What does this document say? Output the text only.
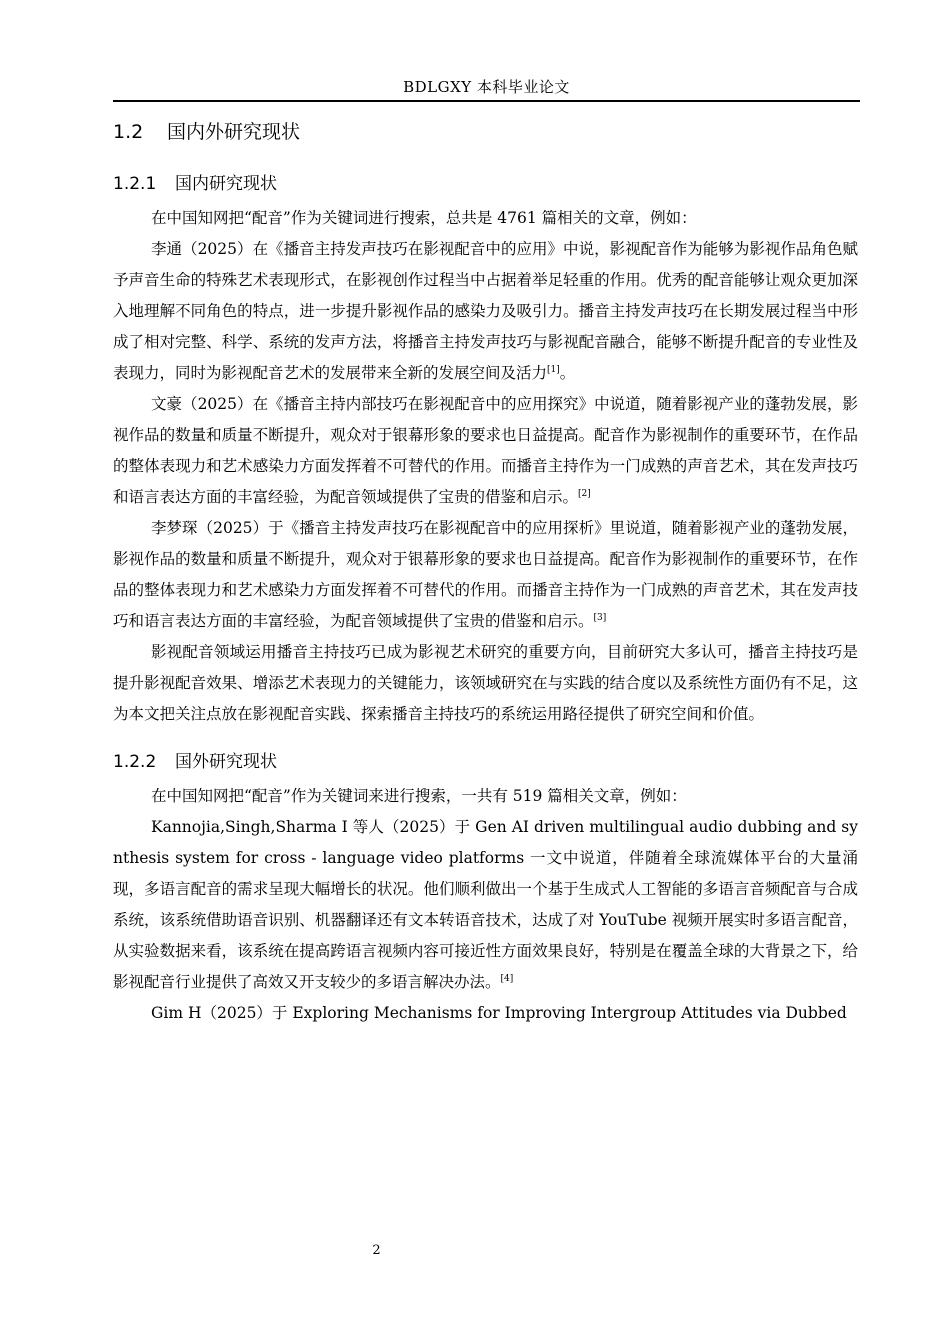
BDLGXY 本科毕业论文
1.2 国内外研究现状
1.2.1 国内研究现状

在中国知网把“配音”作为关键词进行搜索，总共是 4761 篇相关的文章，例如：

李通（2025）在《播音主持发声技巧在影视配音中的应用》中说，影视配音作为能够为影视作品角色赋予声音生命的特殊艺术表现形式，在影视创作过程当中占据着举足轻重的作用。优秀的配音能够让观众更加深入地理解不同角色的特点，进一步提升影视作品的感染力及吸引力。播音主持发声技巧在长期发展过程当中形成了相对完整、科学、系统的发声方法，将播音主持发声技巧与影视配音融合，能够不断提升配音的专业性及表现力，同时为影视配音艺术的发展带来全新的发展空间及活力[1]。

文豪（2025）在《播音主持内部技巧在影视配音中的应用探究》中说道，随着影视产业的蓬勃发展，影视作品的数量和质量不断提升，观众对于银幕形象的要求也日益提高。配音作为影视制作的重要环节，在作品的整体表现力和艺术感染力方面发挥着不可替代的作用。而播音主持作为一门成熟的声音艺术，其在发声技巧和语言表达方面的丰富经验，为配音领域提供了宝贵的借鉴和启示。[2]

李梦琛（2025）于《播音主持发声技巧在影视配音中的应用探析》里说道，随着影视产业的蓬勃发展，影视作品的数量和质量不断提升，观众对于银幕形象的要求也日益提高。配音作为影视制作的重要环节，在作品的整体表现力和艺术感染力方面发挥着不可替代的作用。而播音主持作为一门成熟的声音艺术，其在发声技巧和语言表达方面的丰富经验，为配音领域提供了宝贵的借鉴和启示。[3]

影视配音领域运用播音主持技巧已成为影视艺术研究的重要方向，目前研究大多认可，播音主持技巧是提升影视配音效果、增添艺术表现力的关键能力，该领域研究在与实践的结合度以及系统性方面仍有不足，这为本文把关注点放在影视配音实践、探索播音主持技巧的系统运用路径提供了研究空间和价值。

1.2.2 国外研究现状

在中国知网把“配音”作为关键词来进行搜索，一共有 519 篇相关文章，例如：

Kannojia,Singh,Sharma I 等人（2025）于 Gen AI driven multilingual audio dubbing and synthesis system for cross - language video platforms 一文中说道，伴随着全球流媒体平台的大量涌现，多语言配音的需求呈现大幅增长的状况。他们顺利做出一个基于生成式人工智能的多语言音频配音与合成系统，该系统借助语音识别、机器翻译还有文本转语音技术，达成了对 YouTube 视频开展实时多语言配音，从实验数据来看，该系统在提高跨语言视频内容可接近性方面效果良好，特别是在覆盖全球的大背景之下，给影视配音行业提供了高效又开支较少的多语言解决办法。[4]

Gim H（2025）于 Exploring Mechanisms for Improving Intergroup Attitudes via Dubbed

2
